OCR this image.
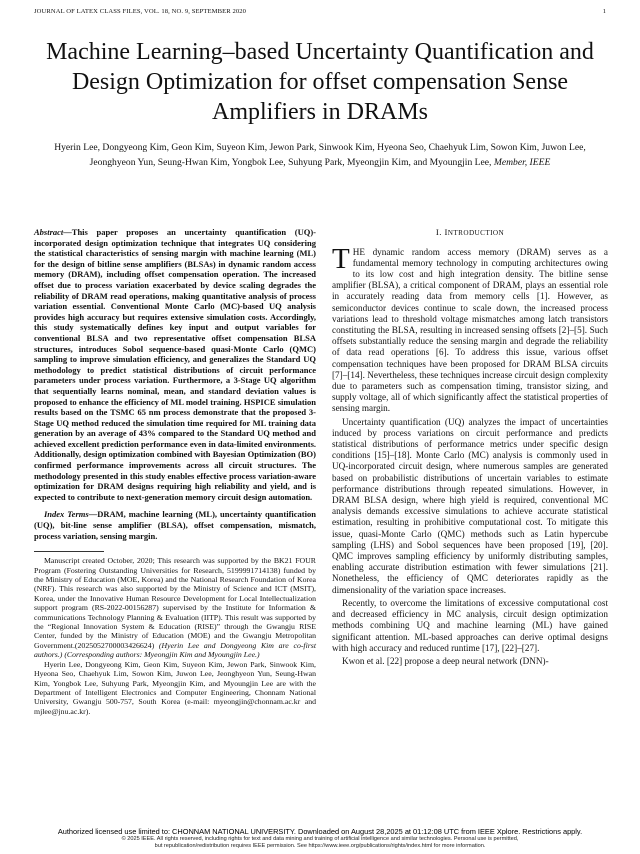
JOURNAL OF LATEX CLASS FILES, VOL. 18, NO. 9, SEPTEMBER 2020	1
Machine Learning–based Uncertainty Quantification and Design Optimization for offset compensation Sense Amplifiers in DRAMs
Hyerin Lee, Dongyeong Kim, Geon Kim, Suyeon Kim, Jewon Park, Sinwook Kim, Hyeona Seo, Chaehyuk Lim, Sowon Kim, Juwon Lee, Jeonghyeon Yun, Seung-Hwan Kim, Yongbok Lee, Suhyung Park, Myeongjin Kim, and Myoungjin Lee, Member, IEEE

Abstract—This paper proposes an uncertainty quantification (UQ)-incorporated design optimization technique that integrates UQ considering the statistical characteristics of sensing margin with machine learning (ML) for the design of bitline sense amplifiers (BLSAs) in dynamic random access memory (DRAM), including offset compensation operation. The increased offset due to process variation exacerbated by device scaling degrades the reliability of DRAM read operations, making quantitative analysis of process variation essential. Conventional Monte Carlo (MC)-based UQ analysis provides high accuracy but requires extensive simulation costs. Accordingly, this study systematically defines key input and output variables for conventional BLSA and two representative offset compensation BLSA structures, introduces Sobol sequence-based quasi-Monte Carlo (QMC) sampling to improve simulation efficiency, and generalizes the Standard UQ methodology to predict statistical distributions of circuit performance parameters under process variation. Furthermore, a 3-Stage UQ algorithm that sequentially learns nominal, mean, and standard deviation values is proposed to enhance the efficiency of ML model training. HSPICE simulation results based on the TSMC 65 nm process demonstrate that the proposed 3-Stage UQ method reduced the simulation time required for ML training data generation by an average of 43% compared to the Standard UQ method and achieved excellent prediction performance even in data-limited environments. Additionally, design optimization combined with Bayesian Optimization (BO) confirmed performance improvements across all circuit structures. The methodology presented in this study enables effective process variation-aware optimization for DRAM designs requiring high reliability and yield, and is expected to contribute to next-generation memory circuit design automation.

Index Terms—DRAM, machine learning (ML), uncertainty quantification (UQ), bit-line sense amplifier (BLSA), offset compensation, mismatch, process variation, sensing margin.

Manuscript created October, 2020; This research was supported by the BK21 FOUR Program (Fostering Outstanding Universities for Research, 5199991714138) funded by the Ministry of Education (MOE, Korea) and the National Research Foundation of Korea (NRF). This research was also supported by the Ministry of Science and ICT (MSIT), Korea, under the Innovative Human Resource Development for Local Intellectualization support program (RS-2022-00156287) supervised by the Institute for Information & communications Technology Planning & Evaluation (IITP). This result was supported by the “Regional Innovation System & Education (RISE)” through the Gwangju RISE Center, funded by the Ministry of Education (MOE) and the Gwangju Metropolitan Government.(2025052700003426624) (Hyerin Lee and Dongyeong Kim are co-first authors.) (Corresponding authors: Myeongjin Kim and Myoungjin Lee.)

Hyerin Lee, Dongyeong Kim, Geon Kim, Suyeon Kim, Jewon Park, Sinwook Kim, Hyeona Seo, Chaehyuk Lim, Sowon Kim, Juwon Lee, Jeonghyeon Yun, Seung-Hwan Kim, Yongbok Lee, Suhyung Park, Myeongjin Kim, and Myoungjin Lee are with the Department of Intelligent Electronics and Computer Engineering, Chonnam National University, Gwangju 500-757, South Korea (e-mail: myeongjin@chonnam.ac.kr and mjlee@jnu.ac.kr).

I. INTRODUCTION

THE dynamic random access memory (DRAM) serves as a fundamental memory technology in computing architectures owing to its low cost and high integration density. The bitline sense amplifier (BLSA), a critical component of DRAM, plays an essential role in accurately reading data from memory cells [1]. However, as semiconductor devices continue to scale down, the increased process variations lead to threshold voltage mismatches among latch transistors constituting the BLSA, resulting in increased sensing offsets [2]–[5]. Such offsets substantially reduce the sensing margin and degrade the reliability of data read operations [6]. To address this issue, various offset compensation techniques have been proposed for DRAM BLSA circuits [7]–[14]. Nevertheless, these techniques increase circuit design complexity due to parameters such as compensation timing, transistor sizing, and supply voltage, all of which significantly affect the statistical properties of sensing margin.

Uncertainty quantification (UQ) analyzes the impact of uncertainties induced by process variations on circuit performance and predicts statistical distributions of performance metrics under specific design conditions [15]–[18]. Monte Carlo (MC) analysis is commonly used in UQ-incorporated circuit design, where numerous samples are generated based on probabilistic distributions of uncertain variables to estimate performance distributions through repeated simulations. However, in DRAM BLSA design, where high yield is required, conventional MC analysis demands excessive simulations to achieve accurate statistical estimation, resulting in prohibitive computational cost. To mitigate this issue, quasi-Monte Carlo (QMC) methods such as Latin hypercube sampling (LHS) and Sobol sequences have been proposed [19], [20]. QMC improves sampling efficiency by uniformly distributing samples, enabling accurate distribution estimation with fewer simulations [21]. Nonetheless, the efficiency of QMC deteriorates rapidly as the dimensionality of the variation space increases.

Recently, to overcome the limitations of excessive computational cost and decreased efficiency in MC analysis, circuit design optimization methods combining UQ and machine learning (ML) have gained significant attention. ML-based approaches can derive optimal designs with high accuracy and reduced runtime [17], [22]–[27].

Kwon et al. [22] propose a deep neural network (DNN)-

Authorized licensed use limited to: CHONNAM NATIONAL UNIVERSITY. Downloaded on August 28,2025 at 01:12:08 UTC from IEEE Xplore. Restrictions apply.
© 2025 IEEE. All rights reserved, including rights for text and data mining and training of artificial intelligence and similar technologies. Personal use is permitted,
but republication/redistribution requires IEEE permission. See https://www.ieee.org/publications/rights/index.html for more information.
